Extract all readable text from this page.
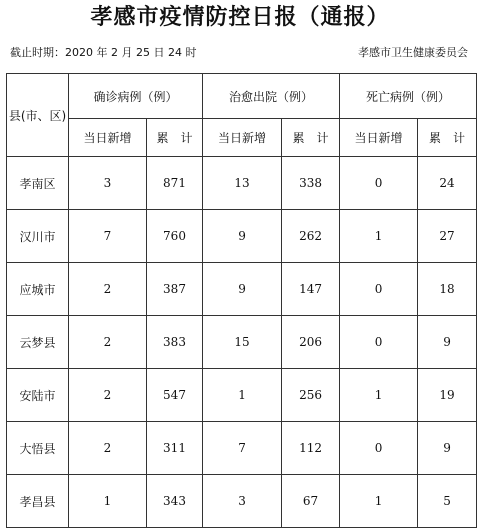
孝感市疫情防控日报（通报）
截止时期：2020 年 2 月 25 日 24 时	孝感市卫生健康委员会
县(市、区)	确诊病例（例）		治愈出院（例）		死亡病例（例）	
	当日新增	累　计	当日新增	累　计	当日新增	累　计
孝南区	3	871	13	338	0	24
汉川市	7	760	9	262	1	27
应城市	2	387	9	147	0	18
云梦县	2	383	15	206	0	9
安陆市	2	547	1	256	1	19
大悟县	2	311	7	112	0	9
孝昌县	1	343	3	67	1	5
